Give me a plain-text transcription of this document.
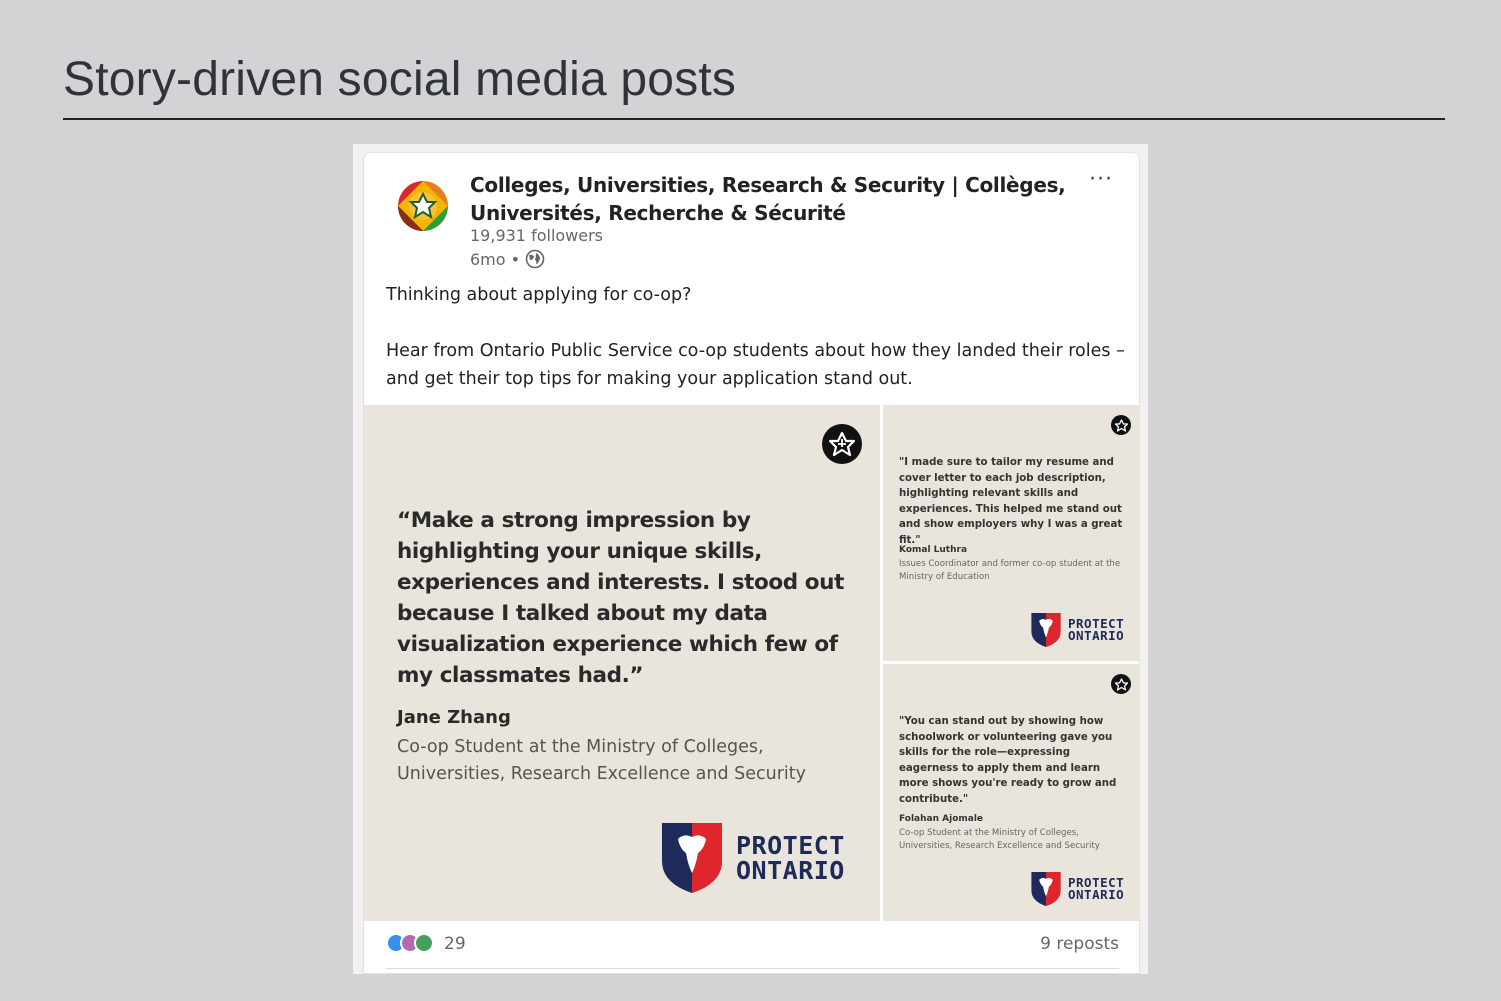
Story-driven social media posts
Colleges, Universities, Research & Security | Collèges, Universités, Recherche & Sécurité
19,931 followers
6mo •
···

Thinking about applying for co-op?

Hear from Ontario Public Service co-op students about how they landed their roles – and get their top tips for making your application stand out.

“Make a strong impression by highlighting your unique skills, experiences and interests. I stood out because I talked about my data visualization experience which few of my classmates had.”
Jane Zhang
Co-op Student at the Ministry of Colleges, Universities, Research Excellence and Security
PROTECT
ONTARIO
"I made sure to tailor my resume and cover letter to each job description, highlighting relevant skills and experiences. This helped me stand out and show employers why I was a great fit."
Komal Luthra
Issues Coordinator and former co-op student at the Ministry of Education
PROTECT
ONTARIO
"You can stand out by showing how schoolwork or volunteering gave you skills for the role—expressing eagerness to apply them and learn more shows you're ready to grow and contribute."
Folahan Ajomale
Co-op Student at the Ministry of Colleges, Universities, Research Excellence and Security
PROTECT
ONTARIO
29	9 reposts
